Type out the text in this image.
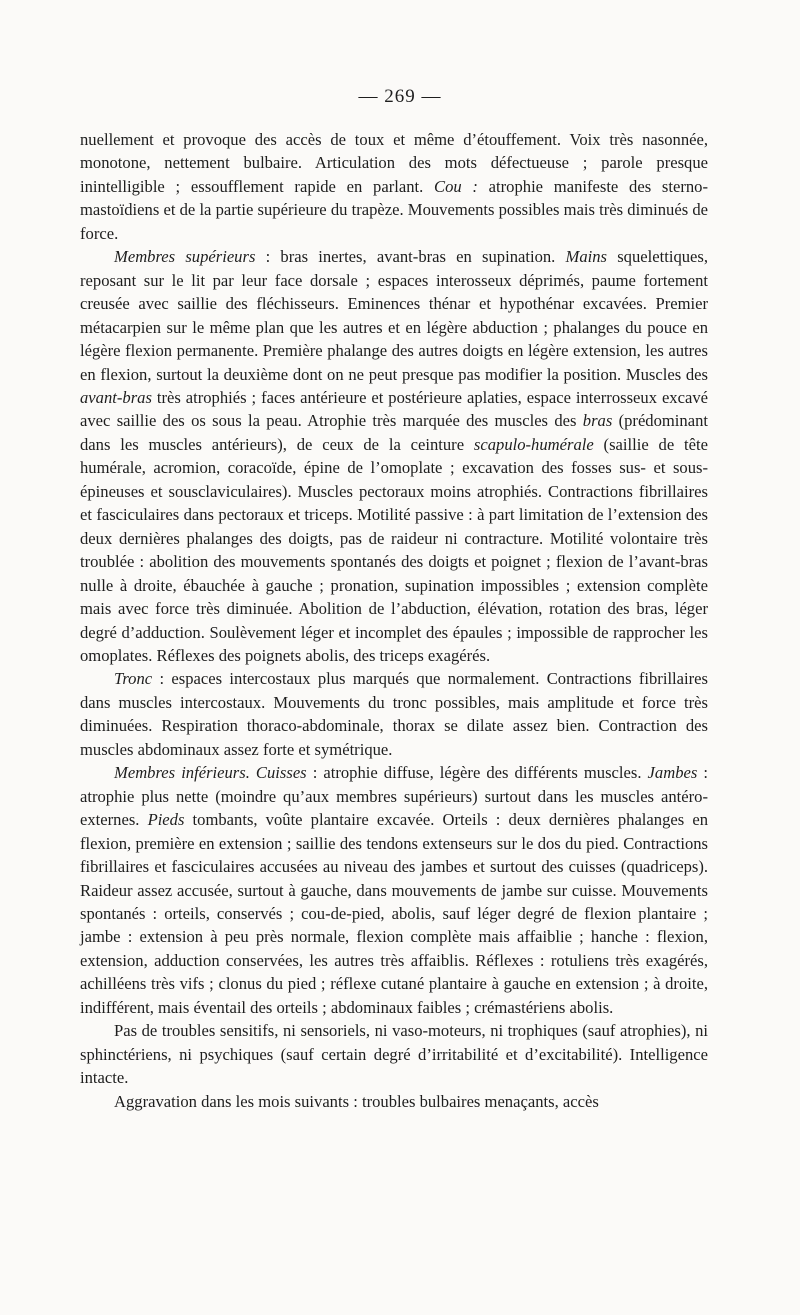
— 269 —

nuellement et provoque des accès de toux et même d’étouffement. Voix très nasonnée, monotone, nettement bulbaire. Articulation des mots défectueuse ; parole presque inintelligible ; essoufflement rapide en parlant. Cou : atrophie manifeste des sterno-mastoïdiens et de la partie supérieure du trapèze. Mouvements possibles mais très diminués de force.

Membres supérieurs : bras inertes, avant-bras en supination. Mains squelettiques, reposant sur le lit par leur face dorsale ; espaces interosseux déprimés, paume fortement creusée avec saillie des fléchisseurs. Eminences thénar et hypothénar excavées. Premier métacarpien sur le même plan que les autres et en légère abduction ; phalanges du pouce en légère flexion permanente. Première phalange des autres doigts en légère extension, les autres en flexion, surtout la deuxième dont on ne peut presque pas modifier la position. Muscles des avant-bras très atrophiés ; faces antérieure et postérieure aplaties, espace interrosseux excavé avec saillie des os sous la peau. Atrophie très marquée des muscles des bras (prédominant dans les muscles antérieurs), de ceux de la ceinture scapulo-humérale (saillie de tête humérale, acromion, coracoïde, épine de l’omoplate ; excavation des fosses sus- et sous-épineuses et sousclaviculaires). Muscles pectoraux moins atrophiés. Contractions fibrillaires et fasciculaires dans pectoraux et triceps. Motilité passive : à part limitation de l’extension des deux dernières phalanges des doigts, pas de raideur ni contracture. Motilité volontaire très troublée : abolition des mouvements spontanés des doigts et poignet ; flexion de l’avant-bras nulle à droite, ébauchée à gauche ; pronation, supination impossibles ; extension complète mais avec force très diminuée. Abolition de l’abduction, élévation, rotation des bras, léger degré d’adduction. Soulèvement léger et incomplet des épaules ; impossible de rapprocher les omoplates. Réflexes des poignets abolis, des triceps exagérés.

Tronc : espaces intercostaux plus marqués que normalement. Contractions fibrillaires dans muscles intercostaux. Mouvements du tronc possibles, mais amplitude et force très diminuées. Respiration thoraco-abdominale, thorax se dilate assez bien. Contraction des muscles abdominaux assez forte et symétrique.

Membres inférieurs. Cuisses : atrophie diffuse, légère des différents muscles. Jambes : atrophie plus nette (moindre qu’aux membres supérieurs) surtout dans les muscles antéro-externes. Pieds tombants, voûte plantaire excavée. Orteils : deux dernières phalanges en flexion, première en extension ; saillie des tendons extenseurs sur le dos du pied. Contractions fibrillaires et fasciculaires accusées au niveau des jambes et surtout des cuisses (quadriceps). Raideur assez accusée, surtout à gauche, dans mouvements de jambe sur cuisse. Mouvements spontanés : orteils, conservés ; cou-de-pied, abolis, sauf léger degré de flexion plantaire ; jambe : extension à peu près normale, flexion complète mais affaiblie ; hanche : flexion, extension, adduction conservées, les autres très affaiblis. Réflexes : rotuliens très exagérés, achilléens très vifs ; clonus du pied ; réflexe cutané plantaire à gauche en extension ; à droite, indifférent, mais éventail des orteils ; abdominaux faibles ; crémastériens abolis.

Pas de troubles sensitifs, ni sensoriels, ni vaso-moteurs, ni trophiques (sauf atrophies), ni sphinctériens, ni psychiques (sauf certain degré d’irritabilité et d’excitabilité). Intelligence intacte.

Aggravation dans les mois suivants : troubles bulbaires menaçants, accès
